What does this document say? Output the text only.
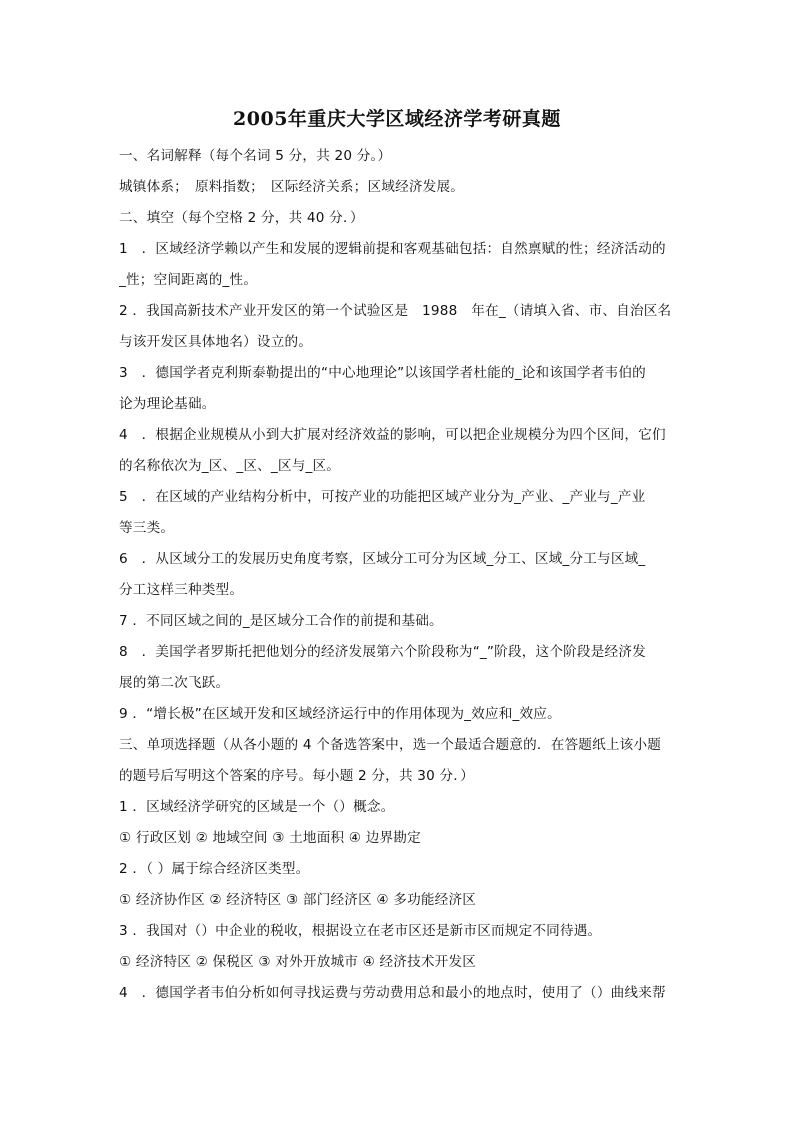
2005年重庆大学区域经济学考研真题
一、名词解释（每个名词 5 分，共 20 分。）
城镇体系；　原料指数；　区际经济关系；区域经济发展。
二、填空（每个空格 2 分，共 40 分．）
1　．区域经济学赖以产生和发展的逻辑前提和客观基础包括：自然禀赋的性；经济活动的
_性；空间距离的_性。
2 ．我国高新技术产业开发区的第一个试验区是　1988　年在_（请填入省、市、自治区名
与该开发区具体地名）设立的。
3　．德国学者克利斯泰勒提出的“中心地理论”以该国学者杜能的_论和该国学者韦伯的
论为理论基础。
4　．根据企业规模从小到大扩展对经济效益的影响，可以把企业规模分为四个区间，它们
的名称依次为_区、_区、_区与_区。
5　．在区域的产业结构分析中，可按产业的功能把区域产业分为_产业、_产业与_产业
等三类。
6　．从区域分工的发展历史角度考察，区域分工可分为区域_分工、区域_分工与区域_
分工这样三种类型。
7 ．不同区域之间的_是区域分工合作的前提和基础。
8　．美国学者罗斯托把他划分的经济发展第六个阶段称为“_”阶段，这个阶段是经济发
展的第二次飞跃。
9 ．“增长极”在区域开发和区域经济运行中的作用体现为_效应和_效应。
三、单项选择题（从各小题的 4 个备选答案中，选一个最适合题意的．在答题纸上该小题
的题号后写明这个答案的序号。每小题 2 分，共 30 分．）
1 ．区域经济学研究的区域是一个（）概念。
① 行政区划 ② 地域空间 ③ 土地面积 ④ 边界勘定
2 ．（ ）属于综合经济区类型。
① 经济协作区 ② 经济特区 ③ 部门经济区 ④ 多功能经济区
3 ．我国对（）中企业的税收，根据设立在老市区还是新市区而规定不同待遇。
① 经济特区 ② 保税区 ③ 对外开放城市 ④ 经济技术开发区
4　．德国学者韦伯分析如何寻找运费与劳动费用总和最小的地点时，使用了（）曲线来帮
